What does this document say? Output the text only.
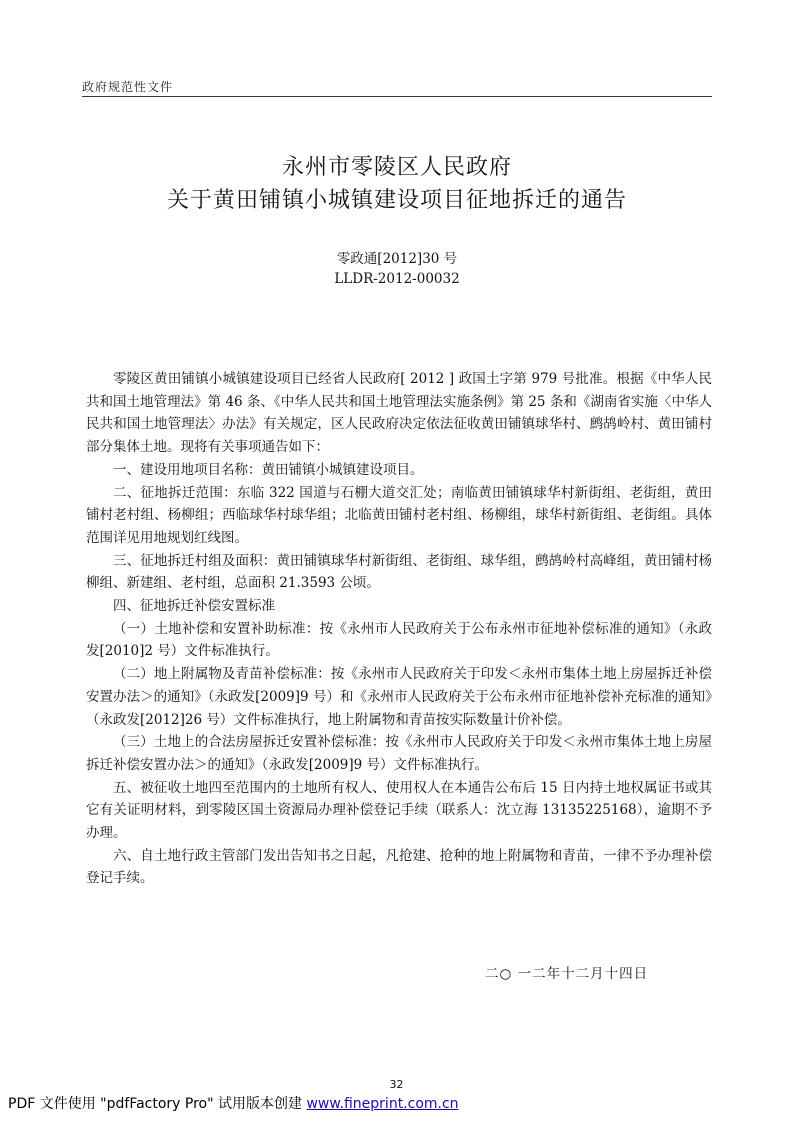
政府规范性文件
永州市零陵区人民政府
关于黄田铺镇小城镇建设项目征地拆迁的通告
零政通[2012]30 号
LLDR-2012-00032

零陵区黄田铺镇小城镇建设项目已经省人民政府[ 2012 ] 政国土字第 979 号批准。根据《中华人民共和国土地管理法》第 46 条、《中华人民共和国土地管理法实施条例》第 25 条和《湖南省实施〈中华人民共和国土地管理法〉办法》有关规定，区人民政府决定依法征收黄田铺镇球华村、鹧鸪岭村、黄田铺村部分集体土地。现将有关事项通告如下：

一、建设用地项目名称：黄田铺镇小城镇建设项目。

二、征地拆迁范围：东临 322 国道与石棚大道交汇处；南临黄田铺镇球华村新街组、老街组，黄田铺村老村组、杨柳组；西临球华村球华组；北临黄田铺村老村组、杨柳组，球华村新街组、老街组。具体范围详见用地规划红线图。

三、征地拆迁村组及面积：黄田铺镇球华村新街组、老街组、球华组，鹧鸪岭村高峰组，黄田铺村杨柳组、新建组、老村组，总面积 21.3593 公顷。

四、征地拆迁补偿安置标准

（一）土地补偿和安置补助标准：按《永州市人民政府关于公布永州市征地补偿标准的通知》（永政发[2010]2 号）文件标准执行。

（二）地上附属物及青苗补偿标准：按《永州市人民政府关于印发＜永州市集体土地上房屋拆迁补偿安置办法＞的通知》（永政发[2009]9 号）和《永州市人民政府关于公布永州市征地补偿补充标准的通知》（永政发[2012]26 号）文件标准执行，地上附属物和青苗按实际数量计价补偿。

（三）土地上的合法房屋拆迁安置补偿标准：按《永州市人民政府关于印发＜永州市集体土地上房屋拆迁补偿安置办法＞的通知》（永政发[2009]9 号）文件标准执行。

五、被征收土地四至范围内的土地所有权人、使用权人在本通告公布后 15 日内持土地权属证书或其它有关证明材料，到零陵区国土资源局办理补偿登记手续（联系人：沈立海 13135225168），逾期不予办理。

六、自土地行政主管部门发出告知书之日起，凡抢建、抢种的地上附属物和青苗，一律不予办理补偿登记手续。

二○ 一二年十二月十四日
32
PDF 文件使用 "pdfFactory Pro" 试用版本创建 www.fineprint.com.cn
